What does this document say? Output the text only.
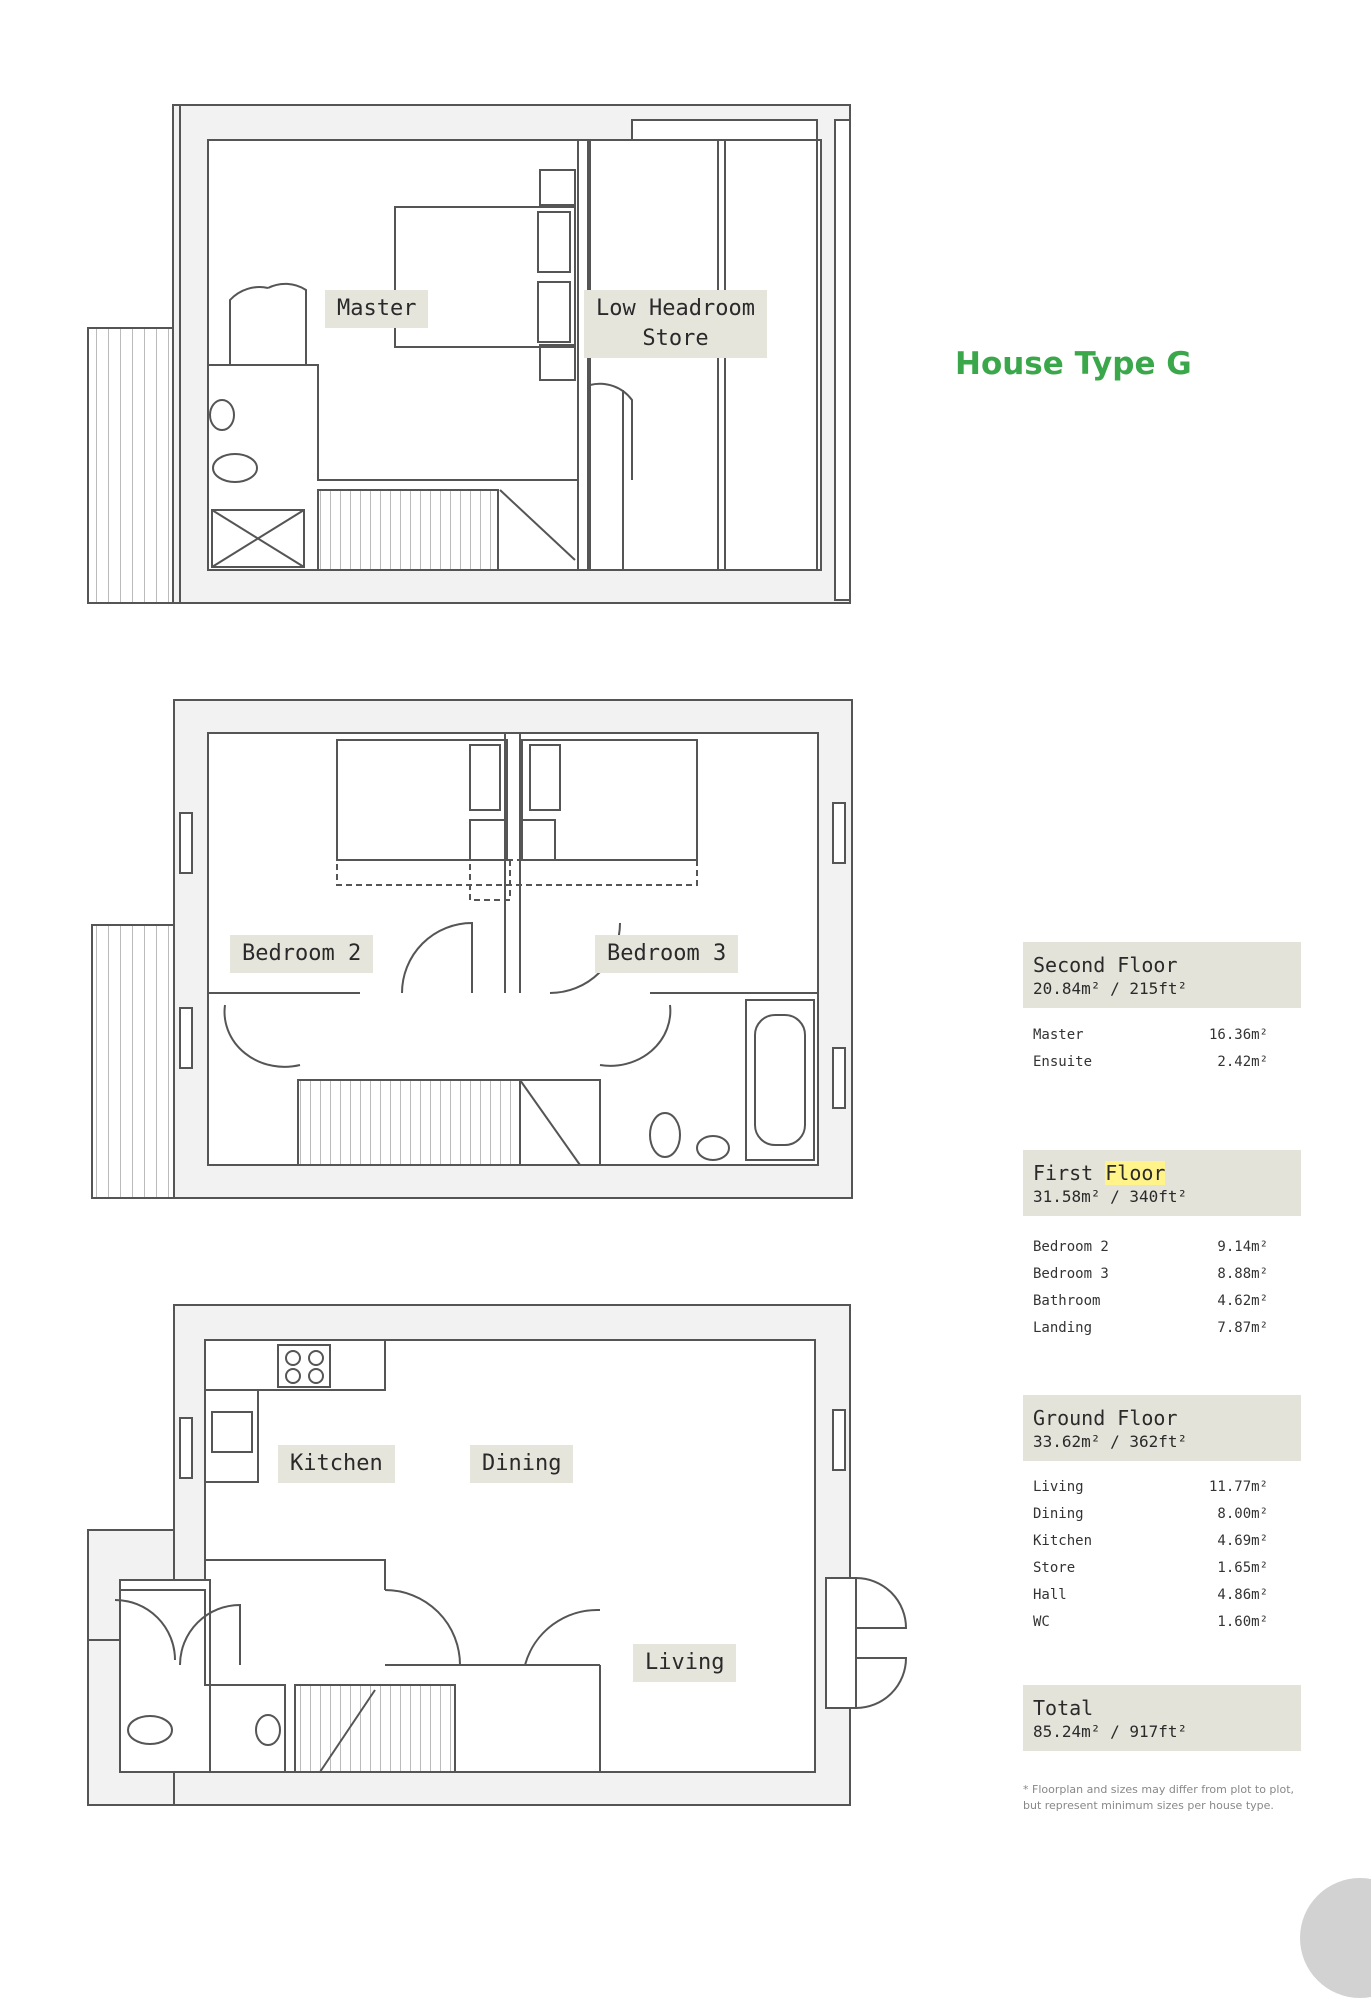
Master	Low Headroom
Store
Bedroom 2	Bedroom 3
Kitchen	Dining
Living
House Type G
Second Floor
20.84m² / 215ft²
Master	16.36m²
Ensuite	2.42m²
First Floor
31.58m² / 340ft²
Bedroom 2	9.14m²
Bedroom 3	8.88m²
Bathroom	4.62m²
Landing	7.87m²
Ground Floor
33.62m² / 362ft²
Living	11.77m²
Dining	8.00m²
Kitchen	4.69m²
Store	1.65m²
Hall	4.86m²
WC	1.60m²
Total
85.24m² / 917ft²
* Floorplan and sizes may differ from plot to plot, but represent minimum sizes per house type.
